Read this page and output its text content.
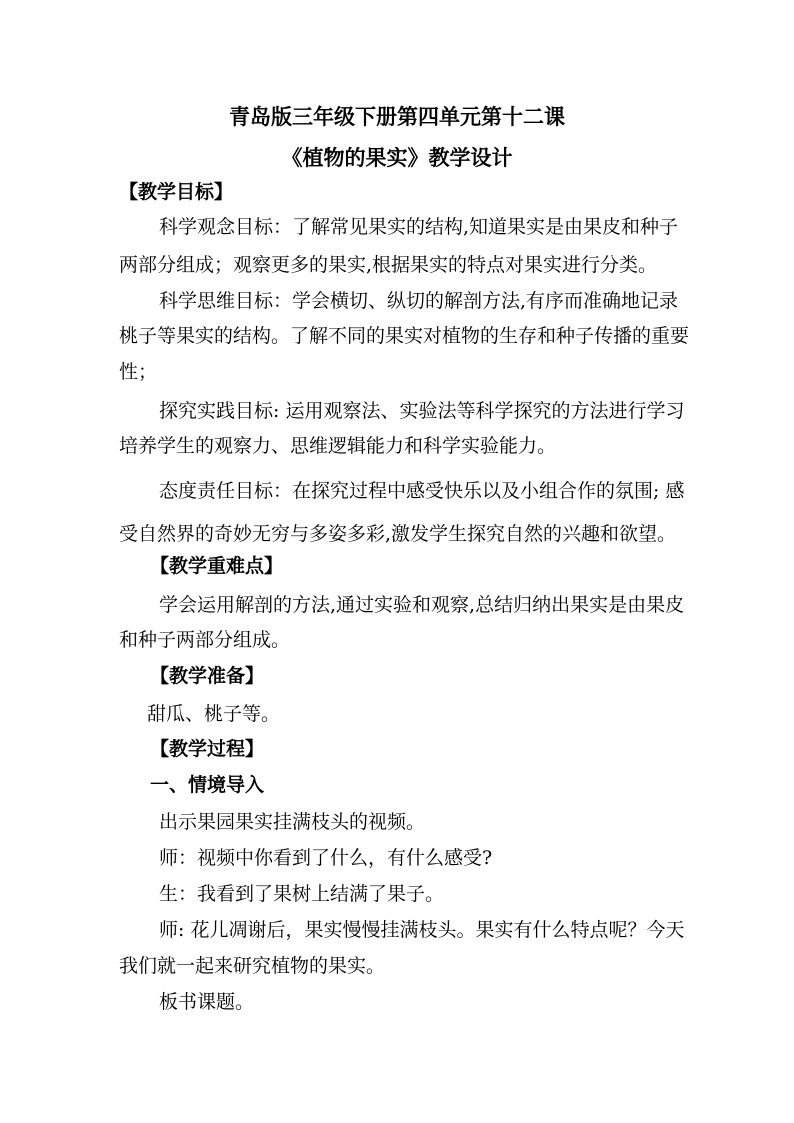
青岛版三年级下册第四单元第十二课
《植物的果实》教学设计
【教学目标】
科学观念目标：了解常见果实的结构,知道果实是由果皮和种子
两部分组成；观察更多的果实,根据果实的特点对果实进行分类。
科学思维目标：学会横切、纵切的解剖方法,有序而准确地记录
桃子等果实的结构。了解不同的果实对植物的生存和种子传播的重要
性；
探究实践目标: 运用观察法、实验法等科学探究的方法进行学习
培养学生的观察力、思维逻辑能力和科学实验能力。
态度责任目标：在探究过程中感受快乐以及小组合作的氛围; 感
受自然界的奇妙无穷与多姿多彩,激发学生探究自然的兴趣和欲望。
【教学重难点】
学会运用解剖的方法,通过实验和观察,总结归纳出果实是由果皮
和种子两部分组成。
【教学准备】
甜瓜、桃子等。
【教学过程】
一、情境导入
出示果园果实挂满枝头的视频。
师：视频中你看到了什么，有什么感受?
生：我看到了果树上结满了果子。
师: 花儿凋谢后，果实慢慢挂满枝头。果实有什么特点呢？今天
我们就一起来研究植物的果实。
板书课题。
